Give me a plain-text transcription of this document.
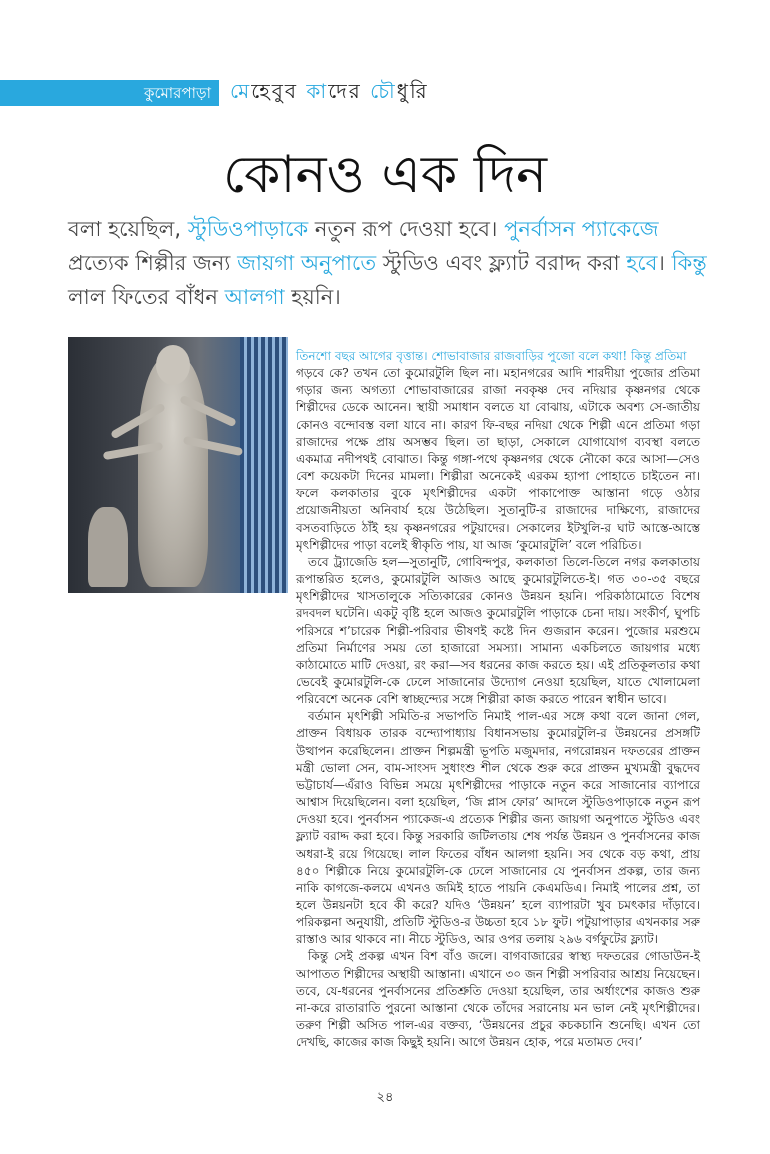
কুমোরপাড়া মেহেবুব কাদের চৌধুরি
কোনও এক দিন
বলা হয়েছিল, স্টুডিওপাড়াকে নতুন রূপ দেওয়া হবে। পুনর্বাসন প্যাকেজে প্রত্যেক শিল্পীর জন্য জায়গা অনুপাতে স্টুডিও এবং ফ্ল্যাট বরাদ্দ করা হবে। কিন্তু লাল ফিতের বাঁধন আলগা হয়নি।

তিনশো বছর আগের বৃত্তান্ত। শোভাবাজার রাজবাড়ির পুজো বলে কথা! কিন্তু প্রতিমা

গড়বে কে? তখন তো কুমোরটুলি ছিল না। মহানগরের আদি শারদীয়া পুজোর প্রতিমা গড়ার জন্য অগত্যা শোভাবাজারের রাজা নবকৃষ্ণ দেব নদিয়ার কৃষ্ণনগর থেকে শিল্পীদের ডেকে আনেন। স্থায়ী সমাধান বলতে যা বোঝায়, এটাকে অবশ্য সে-জাতীয় কোনও বন্দোবস্ত বলা যাবে না। কারণ ফি-বছর নদিয়া থেকে শিল্পী এনে প্রতিমা গড়া রাজাদের পক্ষে প্রায় অসম্ভব ছিল। তা ছাড়া, সেকালে যোগাযোগ ব্যবস্থা বলতে একমাত্র নদীপথই বোঝাত। কিন্তু গঙ্গা-পথে কৃষ্ণনগর থেকে নৌকো করে আসা—সেও বেশ কয়েকটা দিনের মামলা। শিল্পীরা অনেকেই এরকম হ্যাপা পোহাতে চাইতেন না। ফলে কলকাতার বুকে মৃৎশিল্পীদের একটা পাকাপোক্ত আস্তানা গড়ে ওঠার প্রয়োজনীয়তা অনিবার্য হয়ে উঠেছিল। সুতানুটি-র রাজাদের দাক্ষিণ্যে, রাজাদের বসতবাড়িতে ঠাঁই হয় কৃষ্ণনগরের পটুয়াদের। সেকালের ইটখুলি-র ঘাট আস্তে-আস্তে মৃৎশিল্পীদের পাড়া বলেই স্বীকৃতি পায়, যা আজ ‘কুমোরটুলি’ বলে পরিচিত।

তবে ট্র্যাজেডি হল—সুতানুটি, গোবিন্দপুর, কলকাতা তিলে-তিলে নগর কলকাতায় রূপান্তরিত হলেও, কুমোরটুলি আজও আছে কুমোরটুলিতে-ই। গত ৩০-৩৫ বছরে মৃৎশিল্পীদের খাসতালুকে সত্যিকারের কোনও উন্নয়ন হয়নি। পরিকাঠামোতে বিশেষ রদবদল ঘটেনি। একটু বৃষ্টি হলে আজও কুমোরটুলি পাড়াকে চেনা দায়। সংকীর্ণ, ঘুপচি পরিসরে শ’চারেক শিল্পী-পরিবার ভীষণই কষ্টে দিন গুজরান করেন। পুজোর মরশুমে প্রতিমা নির্মাণের সময় তো হাজারো সমস্যা। সামান্য একচিলতে জায়গার মধ্যে কাঠামোতে মাটি দেওয়া, রং করা—সব ধরনের কাজ করতে হয়। এই প্রতিকূলতার কথা ভেবেই কুমোরটুলি-কে ঢেলে সাজানোর উদ্যোগ নেওয়া হয়েছিল, যাতে খোলামেলা পরিবেশে অনেক বেশি স্বাচ্ছন্দ্যের সঙ্গে শিল্পীরা কাজ করতে পারেন স্বাধীন ভাবে।

বর্তমান মৃৎশিল্পী সমিতি-র সভাপতি নিমাই পাল-এর সঙ্গে কথা বলে জানা গেল, প্রাক্তন বিধায়ক তারক বন্দ্যোপাধ্যায় বিধানসভায় কুমোরটুলি-র উন্নয়নের প্রসঙ্গটি উত্থাপন করেছিলেন। প্রাক্তন শিল্পমন্ত্রী ভূপতি মজুমদার, নগরোন্নয়ন দফতরের প্রাক্তন মন্ত্রী ভোলা সেন, বাম-সাংসদ সুধাংশু শীল থেকে শুরু করে প্রাক্তন মুখ্যমন্ত্রী বুদ্ধদেব ভট্টাচার্য—এঁরাও বিভিন্ন সময়ে মৃৎশিল্পীদের পাড়াকে নতুন করে সাজানোর ব্যাপারে আশ্বাস দিয়েছিলেন। বলা হয়েছিল, ‘জি প্লাস ফোর’ আদলে স্টুডিওপাড়াকে নতুন রূপ দেওয়া হবে। পুনর্বাসন প্যাকেজ-এ প্রত্যেক শিল্পীর জন্য জায়গা অনুপাতে স্টুডিও এবং ফ্ল্যাট বরাদ্দ করা হবে। কিন্তু সরকারি জটিলতায় শেষ পর্যন্ত উন্নয়ন ও পুনর্বাসনের কাজ অধরা-ই রয়ে গিয়েছে। লাল ফিতের বাঁধন আলগা হয়নি। সব থেকে বড় কথা, প্রায় ৪৫০ শিল্পীকে নিয়ে কুমোরটুলি-কে ঢেলে সাজানোর যে পুনর্বাসন প্রকল্প, তার জন্য নাকি কাগজে-কলমে এখনও জমিই হাতে পায়নি কেএমডিএ। নিমাই পালের প্রশ্ন, তা হলে উন্নয়নটা হবে কী করে? যদিও ‘উন্নয়ন’ হলে ব্যাপারটা খুব চমৎকার দাঁড়াবে। পরিকল্পনা অনুযায়ী, প্রতিটি স্টুডিও-র উচ্চতা হবে ১৮ ফুট। পটুয়াপাড়ার এখনকার সরু রাস্তাও আর থাকবে না। নীচে স্টুডিও, আর ওপর তলায় ২৯৬ বর্গফুটের ফ্ল্যাট।

কিন্তু সেই প্রকল্প এখন বিশ বাঁও জলে। বাগবাজারের স্বাস্থ্য দফতরের গোডাউন-ই আপাতত শিল্পীদের অস্থায়ী আস্তানা। এখানে ৩০ জন শিল্পী সপরিবার আশ্রয় নিয়েছেন। তবে, যে-ধরনের পুনর্বাসনের প্রতিশ্রুতি দেওয়া হয়েছিল, তার অর্ধাংশের কাজও শুরু না-করে রাতারাতি পুরনো আস্তানা থেকে তাঁদের সরানোয় মন ভাল নেই মৃৎশিল্পীদের। তরুণ শিল্পী অসিত পাল-এর বক্তব্য, ‘উন্নয়নের প্রচুর কচকচানি শুনেছি। এখন তো দেখছি, কাজের কাজ কিছুই হয়নি। আগে উন্নয়ন হোক, পরে মতামত দেব।’

২৪
